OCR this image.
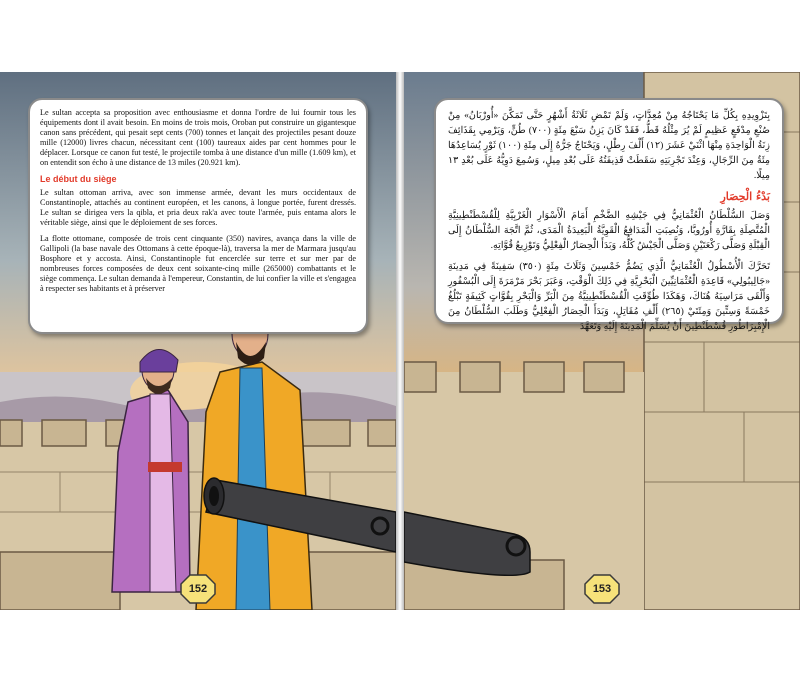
Le sultan accepta sa proposition avec enthousiasme et donna l'ordre de lui fournir tous les équipements dont il avait besoin. En moins de trois mois, Oroban put construire un gigantesque canon sans précédent, qui pesait sept cents (700) tonnes et lançait des projectiles pesant douze mille (12000) livres chacun, nécessitant cent (100) taureaux aides par cent hommes pour le déplacer. Lorsque ce canon fut testé, le projectile tomba à une distance d'un mille (1.609 km), et on entendit son écho à une distance de 13 miles (20.921 km).

Le début du siège

Le sultan ottoman arriva, avec son immense armée, devant les murs occidentaux de Constantinople, attachés au continent européen, et les canons, à longue portée, furent dressés. Le sultan se dirigea vers la qibla, et pria deux rak'a avec toute l'armée, puis entama alors le véritable siège, ainsi que le déploiement de ses forces.

La flotte ottomane, composée de trois cent cinquante (350) navires, avança dans la ville de Gallipoli (la base navale des Ottomans à cette époque-là), traversa la mer de Marmara jusqu'au Bosphore et y accosta. Ainsi, Constantinople fut encerclée sur terre et sur mer par de nombreuses forces composées de deux cent soixante-cinq mille (265000) combattants et le siège commença. Le sultan demanda à l'empereur, Constantin, de lui confier la ville et s'engagea à respecter ses habitants et à préserver

152

بِتَزْوِيدِهِ بِكُلِّ مَا يَحْتَاجُهُ مِنْ مُعِدَّاتٍ، وَلَمْ تَمْضِ ثَلَاثَةُ أَشْهُرٍ حَتَّى تَمَكَّنَ «أُورْبَانُ» مِنْ صُنْعِ مِدْفَعٍ عَظِيمٍ لَمْ يُرَ مِثْلُهُ قَطُّ، فَقَدْ كَانَ يَزِنُ سَبْعَ مِئَةٍ (٧٠٠) طُنٍّ، وَيَرْمِي بِقَذَائِفَ زِنَةُ الْوَاحِدَةِ مِنْهَا اثْنَيْ عَشَرَ (١٢) أَلْفَ رِطْلٍ، وَيَحْتَاجُ جَرُّهُ إِلَى مِئَةِ (١٠٠) ثَوْرٍ يُسَاعِدُهَا مِئَةٌ مِنَ الرِّجَالِ، وَعِنْدَ تَجْرِبَتِهِ سَقَطَتْ قَذِيفَتُهُ عَلَى بُعْدِ مِيلٍ، وَسُمِعَ دَوِيُّهُ عَلَى بُعْدِ ١٣ مِيلًا.

بَدْءُ الْحِصَارِ

وَصَلَ السُّلْطَانُ الْعُثْمَانِيُّ فِي جَيْشِهِ الضَّخْمِ أَمَامَ الْأَسْوَارِ الْغَرْبِيَّةِ لِلْقُسْطَنْطِينِيَّةِ الْمُتَّصِلَةِ بِقَارَّةِ أُورُوبَّا، وَنُصِبَتِ الْمَدَافِعُ الْقَوِيَّةُ الْبَعِيدَةُ الْمَدَى، ثُمَّ اتَّجَهَ السُّلْطَانُ إِلَى الْقِبْلَةِ وَصَلَّى رَكْعَتَيْنِ وَصَلَّى الْجَيْشُ كُلُّهُ، وَبَدَأَ الْحِصَارُ الْفِعْلِيُّ وَتَوْزِيعُ قُوَّاتِهِ.

تَحَرَّكَ الْأُسْطُولُ الْعُثْمَانِيُّ الَّذِي يَضُمُّ خَمْسِينَ وَثَلَاثَ مِئَةٍ (٣٥٠) سَفِينَةً فِي مَدِينَةِ «جَالِيبُولِي» قَاعِدَةِ الْعُثْمَانِيِّينَ الْبَحْرِيَّةِ فِي ذَلِكَ الْوَقْتِ، وَعَبَرَ بَحْرَ مَرْمَرَةَ إِلَى الْبُسْفُورِ وَأَلْقَى مَرَاسِيَهُ هُنَاكَ، وَهَكَذَا طُوِّقَتِ الْقُسْطَنْطِينِيَّةُ مِنَ الْبَرِّ وَالْبَحْرِ بِقُوَّاتٍ كَثِيفَةٍ تَبْلُغُ خَمْسَةً وَسِتِّينَ وَمِئَتَيْ (٢٦٥) أَلْفِ مُقَاتِلٍ، وَبَدَأَ الْحِصَارُ الْفِعْلِيُّ وَطَلَبَ السُّلْطَانُ مِنَ الْإِمْبِرَاطُورِ قُسْطَنْطِينَ أَنْ يُسَلِّمَ الْمَدِينَةَ إِلَيْهِ وَتَعَهَّدَ

153
